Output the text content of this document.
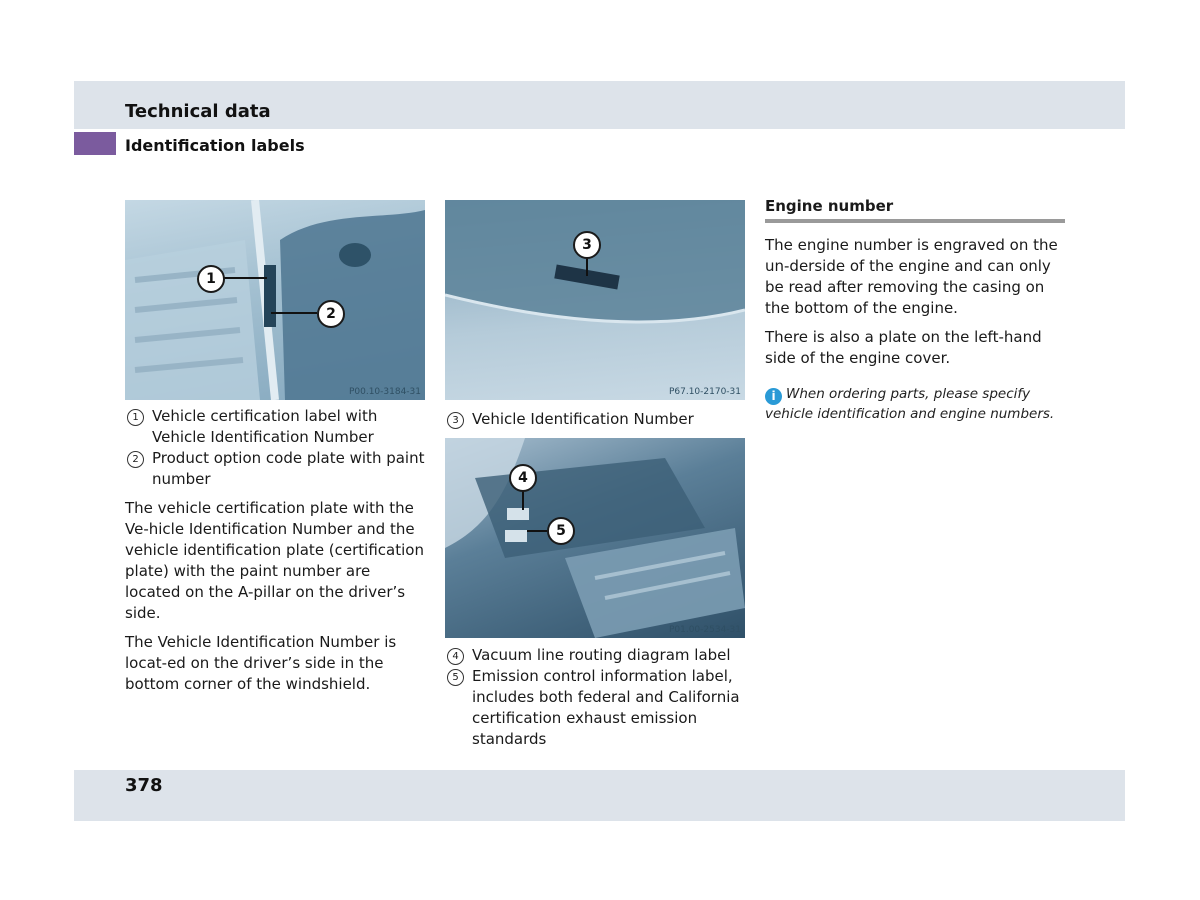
Technical data
Identification labels
1
2
P00.10-3184-31
3
P67.10-2170-31
4
5
P01.00-2534-31
1 Vehicle certification label with Vehicle Identification Number
2 Product option code plate with paint number

The vehicle certification plate with the Ve-hicle Identification Number and the vehicle identification plate (certification plate) with the paint number are located on the A-pillar on the driver’s side.

The Vehicle Identification Number is locat-ed on the driver’s side in the bottom corner of the windshield.

3 Vehicle Identification Number
4 Vacuum line routing diagram label
5 Emission control information label, includes both federal and California certification exhaust emission standards
Engine number

The engine number is engraved on the un-derside of the engine and can only be read after removing the casing on the bottom of the engine.

There is also a plate on the left-hand side of the engine cover.

i When ordering parts, please specify vehicle identification and engine numbers.
378
